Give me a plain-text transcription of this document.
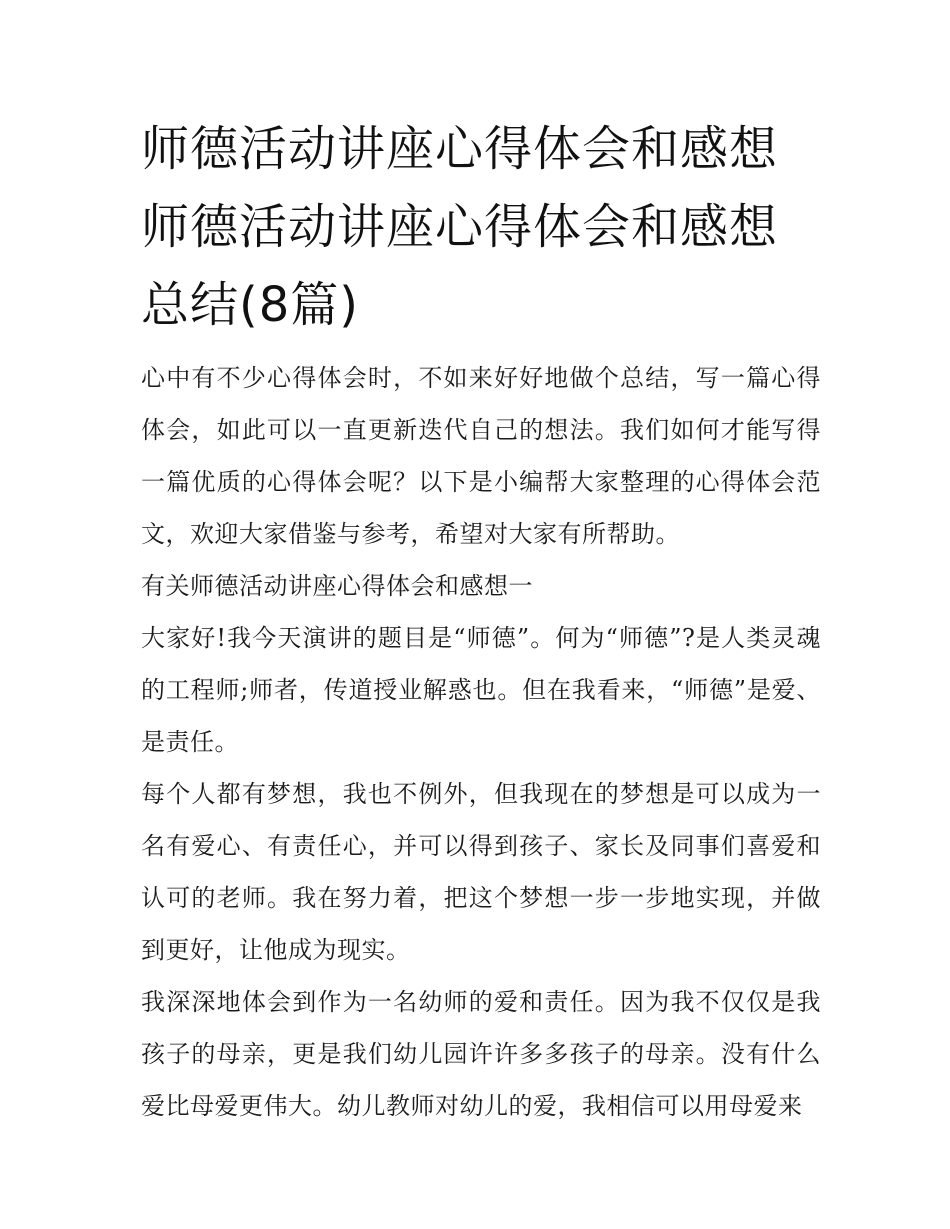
师德活动讲座心得体会和感想师德活动讲座心得体会和感想总结(8篇)

心中有不少心得体会时，不如来好好地做个总结，写一篇心得体会，如此可以一直更新迭代自己的想法。我们如何才能写得一篇优质的心得体会呢？以下是小编帮大家整理的心得体会范文，欢迎大家借鉴与参考，希望对大家有所帮助。

有关师德活动讲座心得体会和感想一

大家好!我今天演讲的题目是“师德”。何为“师德”?是人类灵魂的工程师;师者，传道授业解惑也。但在我看来，“师德”是爱、是责任。

每个人都有梦想，我也不例外，但我现在的梦想是可以成为一名有爱心、有责任心，并可以得到孩子、家长及同事们喜爱和认可的老师。我在努力着，把这个梦想一步一步地实现，并做到更好，让他成为现实。

我深深地体会到作为一名幼师的爱和责任。因为我不仅仅是我孩子的母亲，更是我们幼儿园许许多多孩子的母亲。没有什么爱比母爱更伟大。幼儿教师对幼儿的爱，我相信可以用母爱来
